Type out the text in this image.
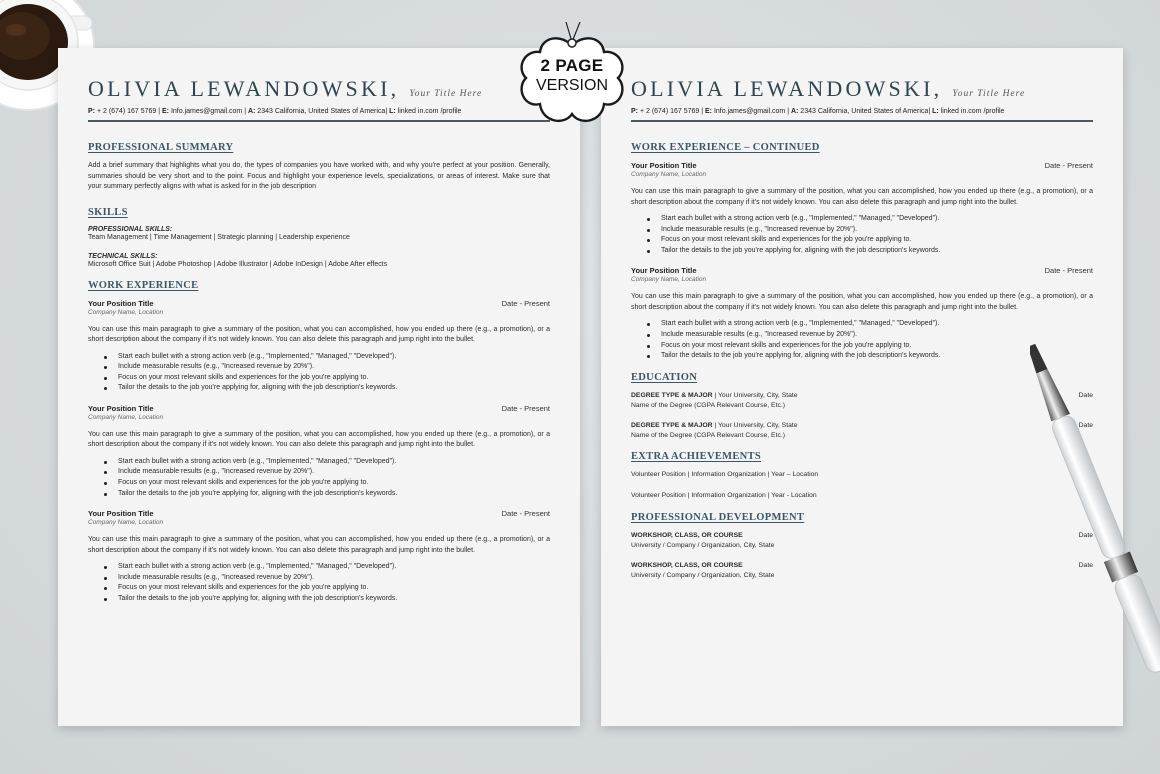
OLIVIA LEWANDOWSKI, Your Title Here
P: + 2 (674) 167 5769 | E: Info.james@gmail.com | A: 2343 California, United States of America| L: linked in.com /profile
PROFESSIONAL SUMMARY
Add a brief summary that highlights what you do, the types of companies you have worked with, and why you're perfect at your position. Generally, summaries should be very short and to the point. Focus and highlight your experience levels, specializations, or areas of interest. Make sure that your summary perfectly aligns with what is asked for in the job description
SKILLS
PROFESSIONAL SKILLS:
Team Management | Time Management | Strategic planning | Leadership experience
TECHNICAL SKILLS:
Microsoft Office Suit | Adobe Photoshop | Adobe Illustrator | Adobe InDesign | Adobe After effects
WORK EXPERIENCE
Your Position Title	Date - Present
Company Name, Location
You can use this main paragraph to give a summary of the position, what you can accomplished, how you ended up there (e.g., a promotion), or a short description about the company if it's not widely known. You can also delete this paragraph and jump right into the bullet.
Start each bullet with a strong action verb (e.g., "Implemented," "Managed," "Developed").
Include measurable results (e.g., "Increased revenue by 20%").
Focus on your most relevant skills and experiences for the job you're applying to.
Tailor the details to the job you're applying for, aligning with the job description's keywords.
Your Position Title	Date - Present
Company Name, Location
You can use this main paragraph to give a summary of the position, what you can accomplished, how you ended up there (e.g., a promotion), or a short description about the company if it's not widely known. You can also delete this paragraph and jump right into the bullet.
Start each bullet with a strong action verb (e.g., "Implemented," "Managed," "Developed").
Include measurable results (e.g., "Increased revenue by 20%").
Focus on your most relevant skills and experiences for the job you're applying to.
Tailor the details to the job you're applying for, aligning with the job description's keywords.
Your Position Title	Date - Present
Company Name, Location
You can use this main paragraph to give a summary of the position, what you can accomplished, how you ended up there (e.g., a promotion), or a short description about the company if it's not widely known. You can also delete this paragraph and jump right into the bullet.
Start each bullet with a strong action verb (e.g., "Implemented," "Managed," "Developed").
Include measurable results (e.g., "Increased revenue by 20%").
Focus on your most relevant skills and experiences for the job you're applying to.
Tailor the details to the job you're applying for, aligning with the job description's keywords.
OLIVIA LEWANDOWSKI, Your Title Here
P: + 2 (674) 167 5769 | E: Info.james@gmail.com | A: 2343 California, United States of America| L: linked in.com /profile
WORK EXPERIENCE – CONTINUED
Your Position Title	Date - Present
Company Name, Location
You can use this main paragraph to give a summary of the position, what you can accomplished, how you ended up there (e.g., a promotion), or a short description about the company if it's not widely known. You can also delete this paragraph and jump right into the bullet.
Start each bullet with a strong action verb (e.g., "Implemented," "Managed," "Developed").
Include measurable results (e.g., "Increased revenue by 20%").
Focus on your most relevant skills and experiences for the job you're applying to.
Tailor the details to the job you're applying for, aligning with the job description's keywords.
Your Position Title	Date - Present
Company Name, Location
You can use this main paragraph to give a summary of the position, what you can accomplished, how you ended up there (e.g., a promotion), or a short description about the company if it's not widely known. You can also delete this paragraph and jump right into the bullet.
Start each bullet with a strong action verb (e.g., "Implemented," "Managed," "Developed").
Include measurable results (e.g., "Increased revenue by 20%").
Focus on your most relevant skills and experiences for the job you're applying to.
Tailor the details to the job you're applying for, aligning with the job description's keywords.
EDUCATION
DEGREE TYPE & MAJOR | Your University, City, State	Date
Name of the Degree (CGPA Relevant Course, Etc.)
DEGREE TYPE & MAJOR | Your University, City, State	Date
Name of the Degree (CGPA Relevant Course, Etc.)
EXTRA ACHIEVEMENTS
Volunteer Position | Information Organization | Year – Location
Volunteer Position | Information Organization | Year - Location
PROFESSIONAL DEVELOPMENT
WORKSHOP, CLASS, OR COURSE	Date
University / Company / Organization, City, State
WORKSHOP, CLASS, OR COURSE	Date
University / Company / Organization, City, State
2 PAGE
VERSION
